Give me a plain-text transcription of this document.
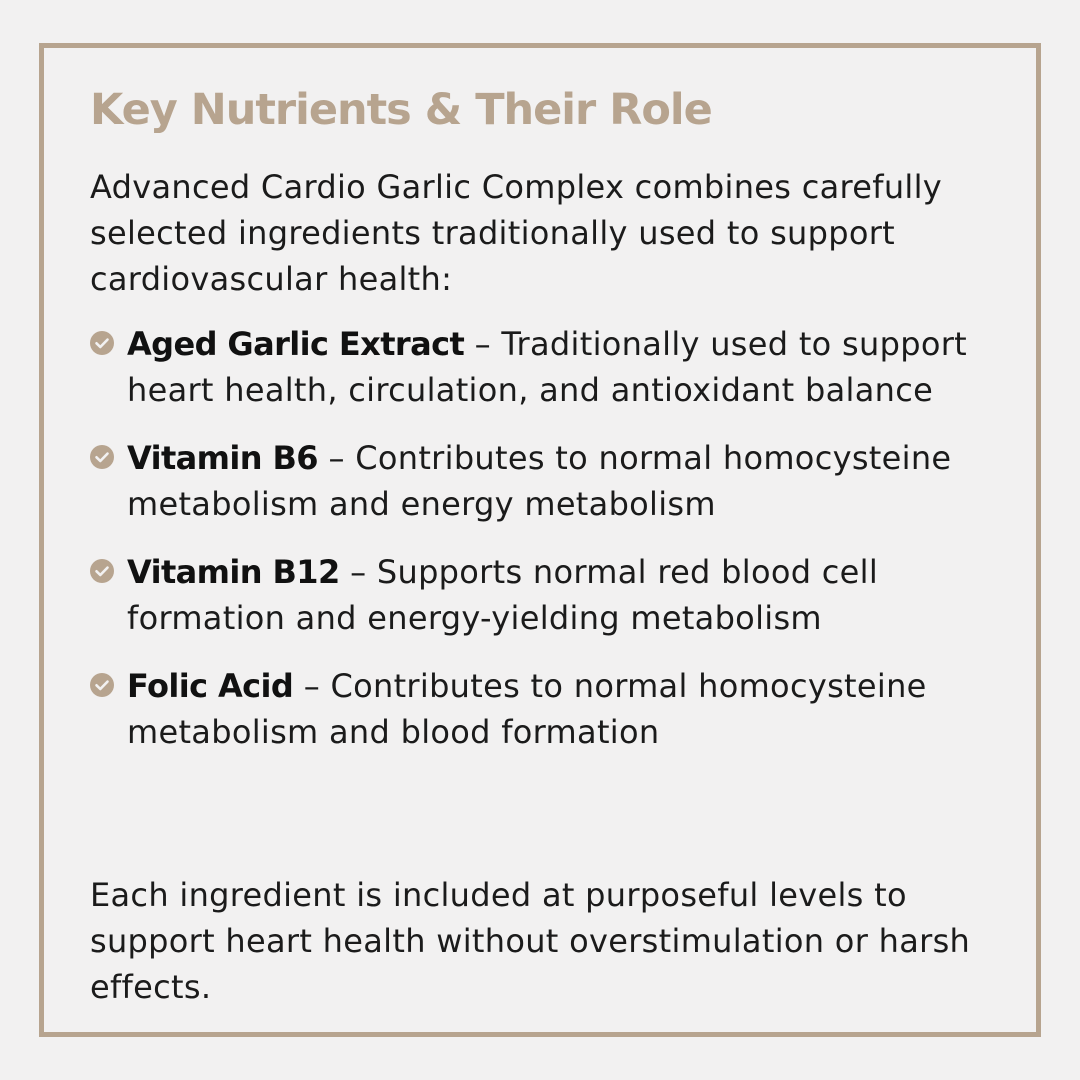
Key Nutrients & Their Role

Advanced Cardio Garlic Complex combines carefully selected ingredients traditionally used to support cardiovascular health:

Aged Garlic Extract – Traditionally used to support heart health, circulation, and antioxidant balance
Vitamin B6 – Contributes to normal homocysteine metabolism and energy metabolism
Vitamin B12 – Supports normal red blood cell formation and energy-yielding metabolism
Folic Acid – Contributes to normal homocysteine metabolism and blood formation

Each ingredient is included at purposeful levels to support heart health without overstimulation or harsh effects.
